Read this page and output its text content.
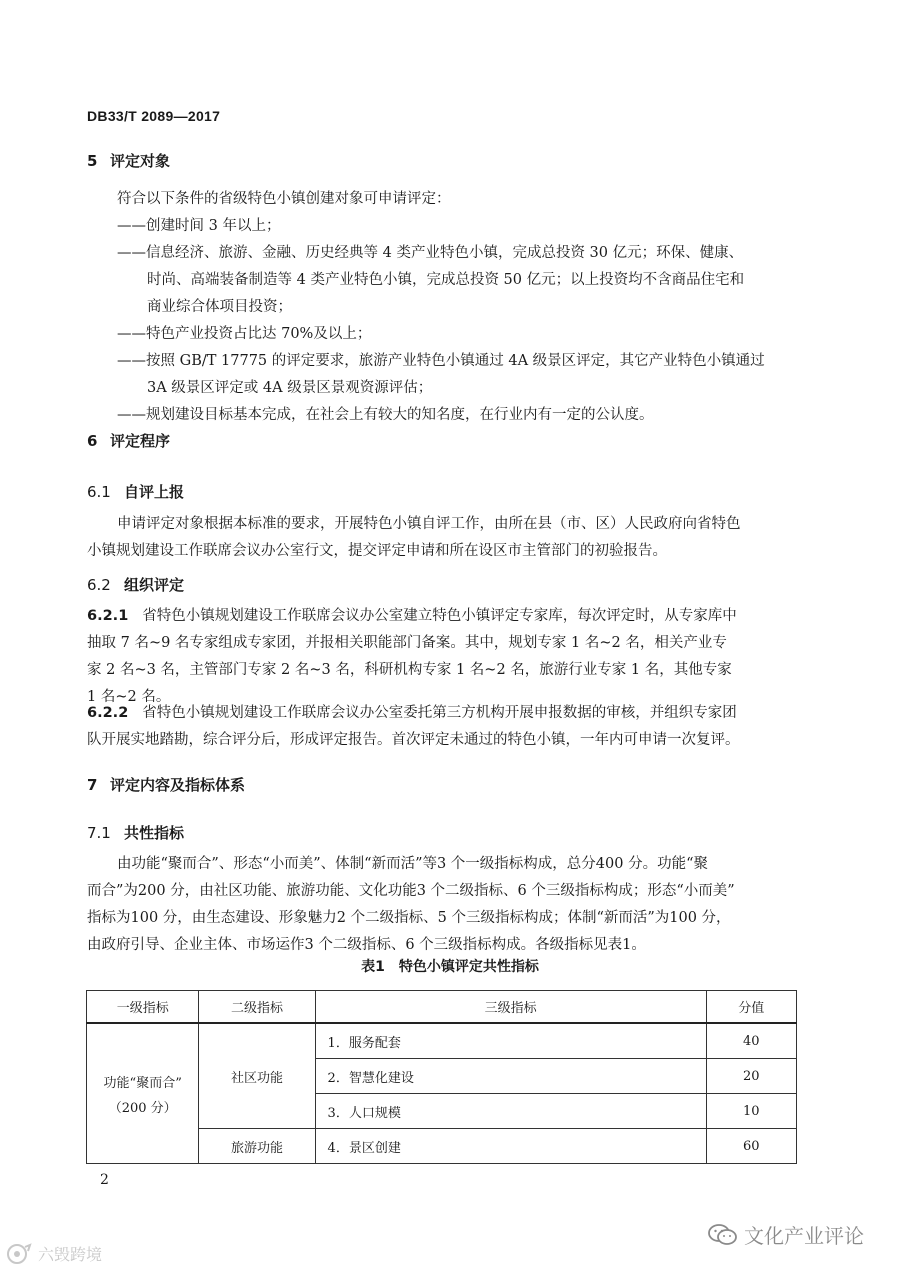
DB33/T 2089—2017
5 评定对象
符合以下条件的省级特色小镇创建对象可申请评定：
——创建时间 3 年以上；
——信息经济、旅游、金融、历史经典等 4 类产业特色小镇，完成总投资 30 亿元；环保、健康、
时尚、高端装备制造等 4 类产业特色小镇，完成总投资 50 亿元；以上投资均不含商品住宅和
商业综合体项目投资；
——特色产业投资占比达 70%及以上；
——按照 GB/T 17775 的评定要求，旅游产业特色小镇通过 4A 级景区评定，其它产业特色小镇通过
3A 级景区评定或 4A 级景区景观资源评估；
——规划建设目标基本完成，在社会上有较大的知名度，在行业内有一定的公认度。
6 评定程序
6.1 自评上报
申请评定对象根据本标准的要求，开展特色小镇自评工作，由所在县（市、区）人民政府向省特色
小镇规划建设工作联席会议办公室行文，提交评定申请和所在设区市主管部门的初验报告。
6.2 组织评定
6.2.1 省特色小镇规划建设工作联席会议办公室建立特色小镇评定专家库，每次评定时，从专家库中
抽取 7 名~9 名专家组成专家团，并报相关职能部门备案。其中，规划专家 1 名~2 名，相关产业专
家 2 名~3 名，主管部门专家 2 名~3 名，科研机构专家 1 名~2 名，旅游行业专家 1 名，其他专家
1 名~2 名。
6.2.2 省特色小镇规划建设工作联席会议办公室委托第三方机构开展申报数据的审核，并组织专家团
队开展实地踏勘，综合评分后，形成评定报告。首次评定未通过的特色小镇，一年内可申请一次复评。
7 评定内容及指标体系
7.1 共性指标
由功能“聚而合”、形态“小而美”、体制“新而活”等3 个一级指标构成，总分400 分。功能“聚
而合”为200 分，由社区功能、旅游功能、文化功能3 个二级指标、6 个三级指标构成；形态“小而美”
指标为100 分，由生态建设、形象魅力2 个二级指标、5 个三级指标构成；体制“新而活”为100 分，
由政府引导、企业主体、市场运作3 个二级指标、6 个三级指标构成。各级指标见表1。
表1　特色小镇评定共性指标
一级指标	二级指标	三级指标	分值

功能“聚而合”
（200 分）	社区功能	1．服务配套	40
		2．智慧化建设	20
		3．人口规模	10
	旅游功能	4．景区创建	60
2
文化产业评论
六毁跨境
